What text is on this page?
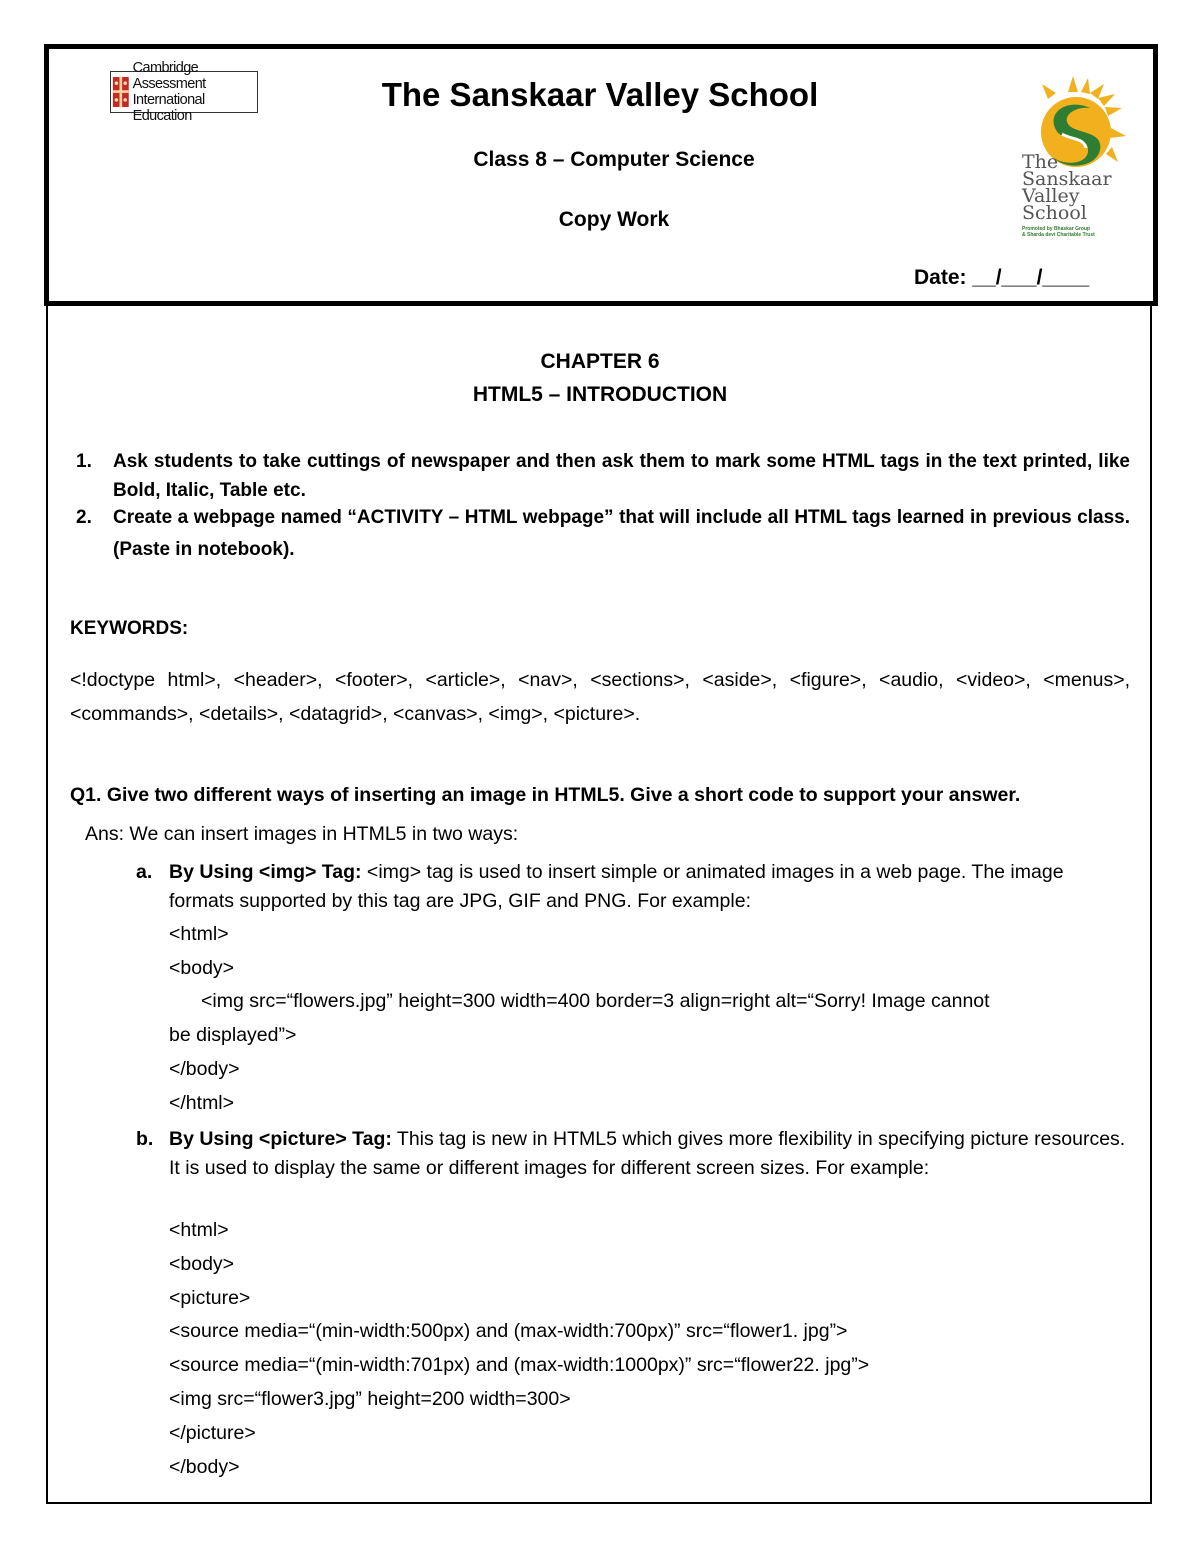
Cambridge Assessment
International Education
The Sanskaar Valley School
Class 8 – Computer Science
Copy Work
Date: __/___/____
The
Sanskaar
Valley
School
Promoted by Bhaskar Group
& Sharda devi Charitable Trust
CHAPTER 6
HTML5 – INTRODUCTION
1. Ask students to take cuttings of newspaper and then ask them to mark some HTML tags in the text printed, like Bold, Italic, Table etc.
2. Create a webpage named “ACTIVITY – HTML webpage” that will include all HTML tags learned in previous class. (Paste in notebook).
KEYWORDS:
<!doctype html>, <header>, <footer>, <article>, <nav>, <sections>, <aside>, <figure>, <audio, <video>, <menus>, <commands>, <details>, <datagrid>, <canvas>, <img>, <picture>.
Q1. Give two different ways of inserting an image in HTML5. Give a short code to support your answer.
Ans: We can insert images in HTML5 in two ways:
a. By Using <img> Tag: <img> tag is used to insert simple or animated images in a web page. The image formats supported by this tag are JPG, GIF and PNG. For example:
<html>
<body>
<img src=“flowers.jpg” height=300 width=400 border=3 align=right alt=“Sorry! Image cannot
be displayed”>
</body>
</html>
b. By Using <picture> Tag: This tag is new in HTML5 which gives more flexibility in specifying picture resources. It is used to display the same or different images for different screen sizes. For example:
<html>
<body>
<picture>
<source media=“(min-width:500px) and (max-width:700px)” src=“flower1. jpg”>
<source media=“(min-width:701px) and (max-width:1000px)” src=“flower22. jpg”>
<img src=“flower3.jpg” height=200 width=300>
</picture>
</body>
